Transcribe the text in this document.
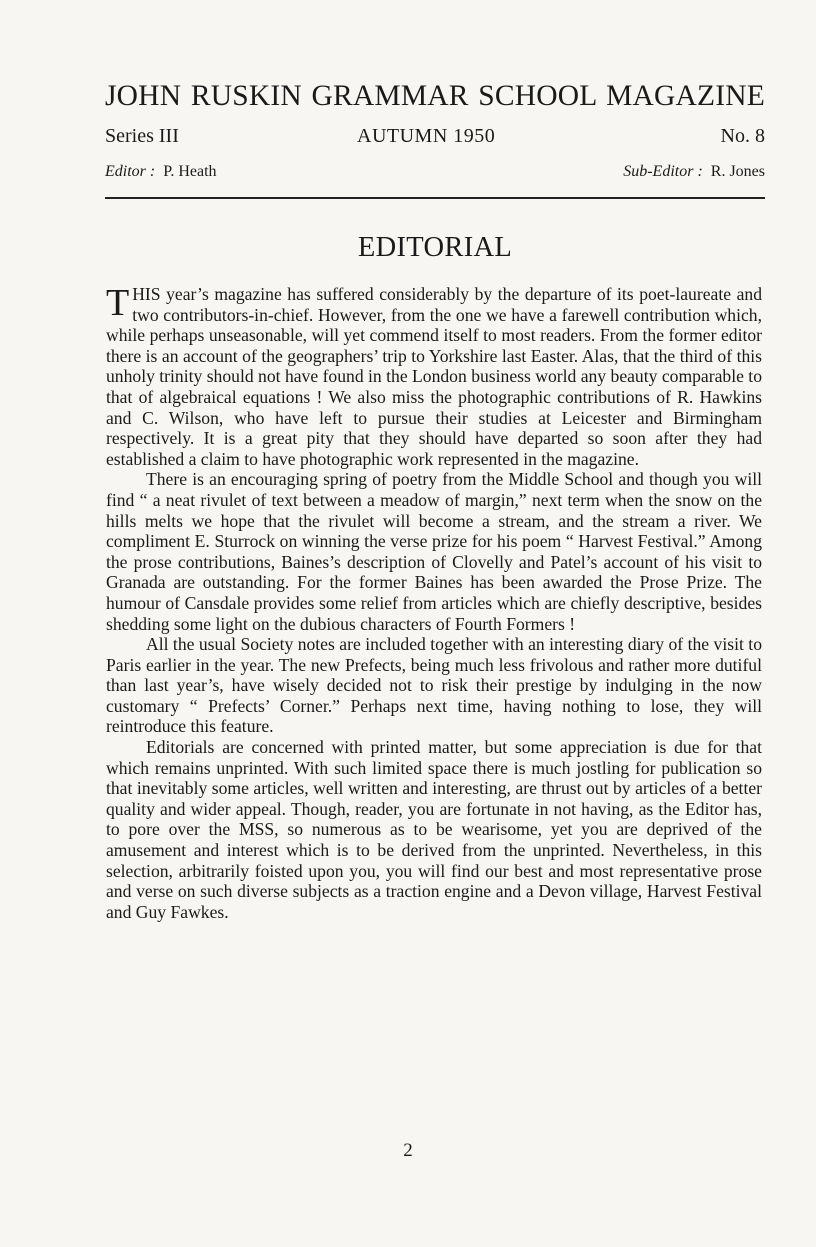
JOHN RUSKIN GRAMMAR SCHOOL MAGAZINE
Series III	AUTUMN 1950	No. 8
Editor : P. Heath	Sub-Editor : R. Jones
EDITORIAL

THIS year’s magazine has suffered considerably by the departure of its poet-laureate and two contributors-in-chief. However, from the one we have a farewell contribution which, while perhaps unseasonable, will yet commend itself to most readers. From the former editor there is an account of the geographers’ trip to Yorkshire last Easter. Alas, that the third of this unholy trinity should not have found in the London business world any beauty comparable to that of algebraical equations ! We also miss the photographic contributions of R. Hawkins and C. Wilson, who have left to pursue their studies at Leicester and Birmingham respectively. It is a great pity that they should have departed so soon after they had established a claim to have photographic work represented in the magazine.

There is an encouraging spring of poetry from the Middle School and though you will find “ a neat rivulet of text between a meadow of margin,” next term when the snow on the hills melts we hope that the rivulet will become a stream, and the stream a river. We compliment E. Sturrock on winning the verse prize for his poem “ Harvest Festival.” Among the prose contributions, Baines’s description of Clovelly and Patel’s account of his visit to Granada are outstanding. For the former Baines has been awarded the Prose Prize. The humour of Cansdale provides some relief from articles which are chiefly descriptive, besides shedding some light on the dubious characters of Fourth Formers !

All the usual Society notes are included together with an interesting diary of the visit to Paris earlier in the year. The new Prefects, being much less frivolous and rather more dutiful than last year’s, have wisely decided not to risk their prestige by indulging in the now customary “ Prefects’ Corner.” Perhaps next time, having nothing to lose, they will reintroduce this feature.

Editorials are concerned with printed matter, but some appreciation is due for that which remains unprinted. With such limited space there is much jostling for publication so that inevitably some articles, well written and interesting, are thrust out by articles of a better quality and wider appeal. Though, reader, you are fortunate in not having, as the Editor has, to pore over the MSS, so numerous as to be wearisome, yet you are deprived of the amusement and interest which is to be derived from the unprinted. Nevertheless, in this selection, arbitrarily foisted upon you, you will find our best and most representative prose and verse on such diverse subjects as a traction engine and a Devon village, Harvest Festival and Guy Fawkes.

2
